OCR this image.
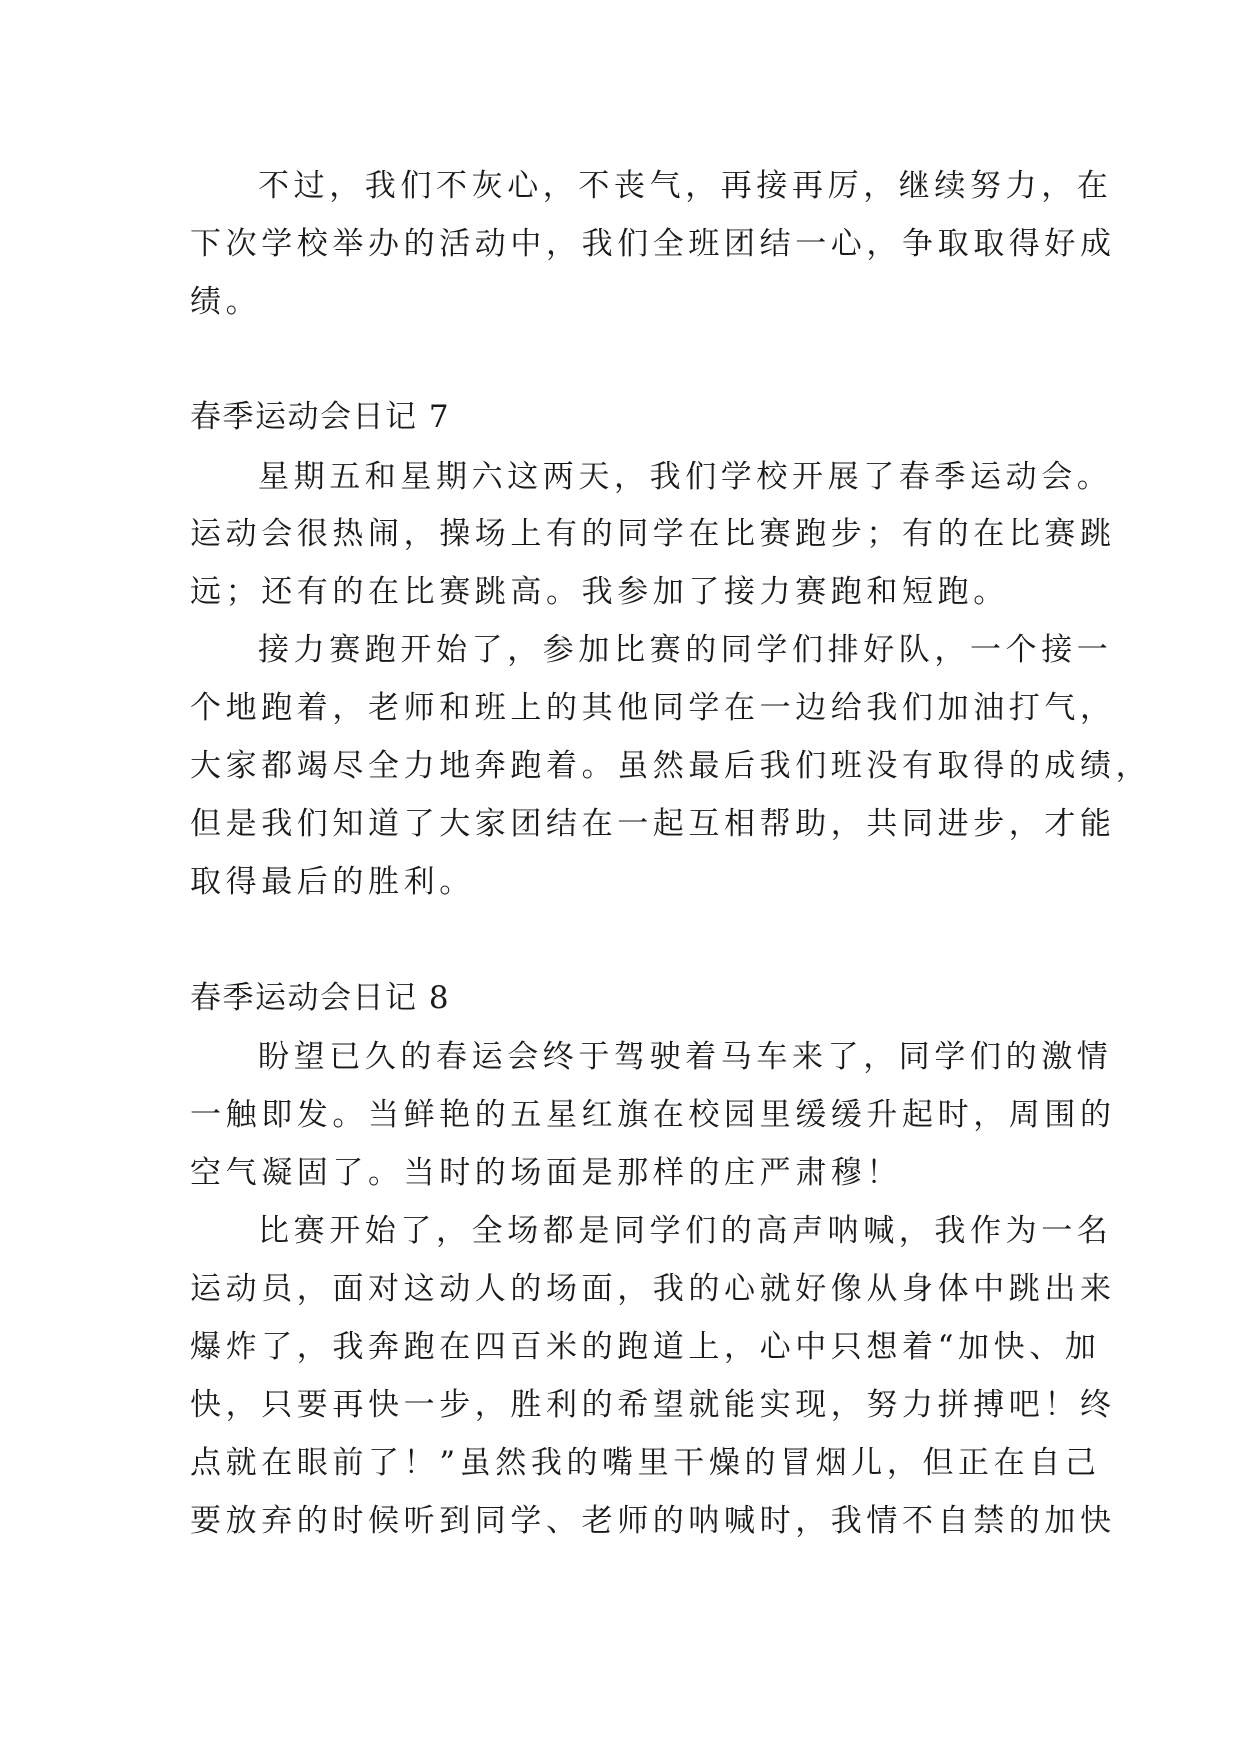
不过，我们不灰心，不丧气，再接再厉，继续努力，在
下次学校举办的活动中，我们全班团结一心，争取取得好成
绩。
春季运动会日记 7
星期五和星期六这两天，我们学校开展了春季运动会。
运动会很热闹，操场上有的同学在比赛跑步；有的在比赛跳
远；还有的在比赛跳高。我参加了接力赛跑和短跑。
接力赛跑开始了，参加比赛的同学们排好队，一个接一
个地跑着，老师和班上的其他同学在一边给我们加油打气，
大家都竭尽全力地奔跑着。虽然最后我们班没有取得的成绩，
但是我们知道了大家团结在一起互相帮助，共同进步，才能
取得最后的胜利。
春季运动会日记 8
盼望已久的春运会终于驾驶着马车来了，同学们的激情
一触即发。当鲜艳的五星红旗在校园里缓缓升起时，周围的
空气凝固了。当时的场面是那样的庄严肃穆！
比赛开始了，全场都是同学们的高声呐喊，我作为一名
运动员，面对这动人的场面，我的心就好像从身体中跳出来
爆炸了，我奔跑在四百米的跑道上，心中只想着“加快、加
快，只要再快一步，胜利的希望就能实现，努力拼搏吧！终
点就在眼前了！”虽然我的嘴里干燥的冒烟儿，但正在自己
要放弃的时候听到同学、老师的呐喊时，我情不自禁的加快
